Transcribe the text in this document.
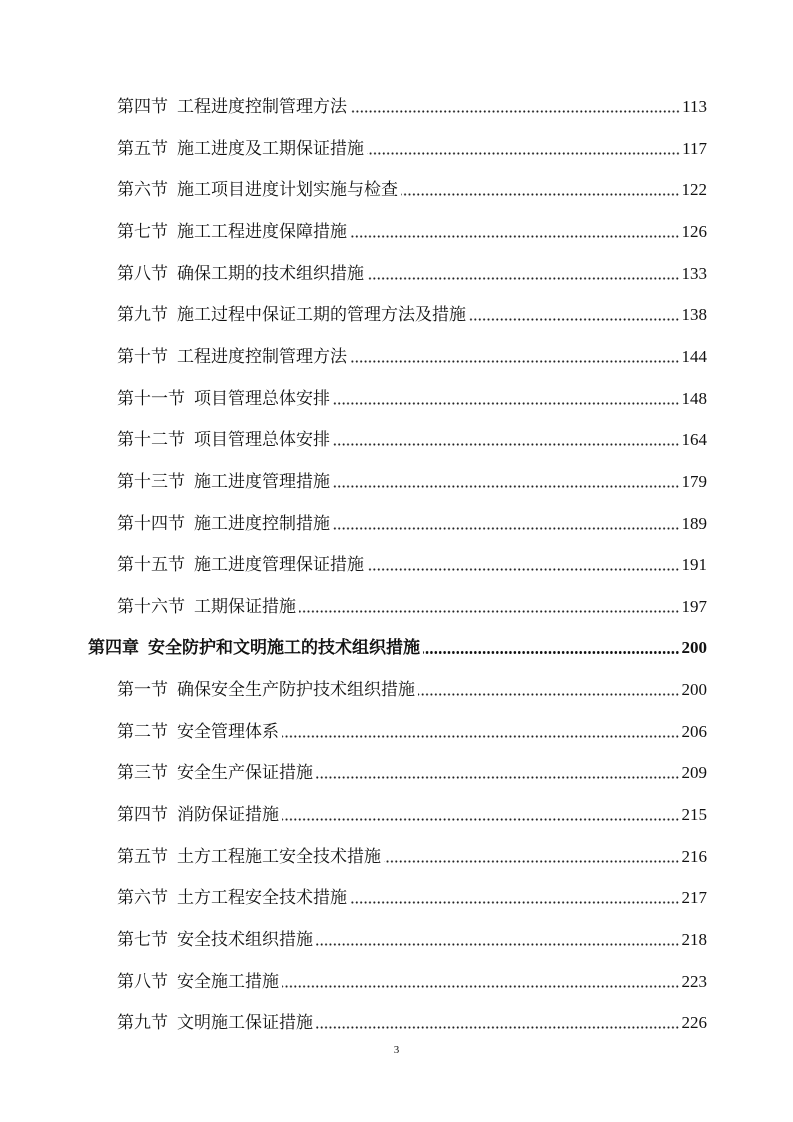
第四节 工程进度控制管理方法	113
第五节 施工进度及工期保证措施	117
第六节 施工项目进度计划实施与检查	122
第七节 施工工程进度保障措施	126
第八节 确保工期的技术组织措施	133
第九节 施工过程中保证工期的管理方法及措施	138
第十节 工程进度控制管理方法	144
第十一节 项目管理总体安排	148
第十二节 项目管理总体安排	164
第十三节 施工进度管理措施	179
第十四节 施工进度控制措施	189
第十五节 施工进度管理保证措施	191
第十六节 工期保证措施	197
第四章 安全防护和文明施工的技术组织措施	200
第一节 确保安全生产防护技术组织措施	200
第二节 安全管理体系	206
第三节 安全生产保证措施	209
第四节 消防保证措施	215
第五节 土方工程施工安全技术措施	216
第六节 土方工程安全技术措施	217
第七节 安全技术组织措施	218
第八节 安全施工措施	223
第九节 文明施工保证措施	226
3
